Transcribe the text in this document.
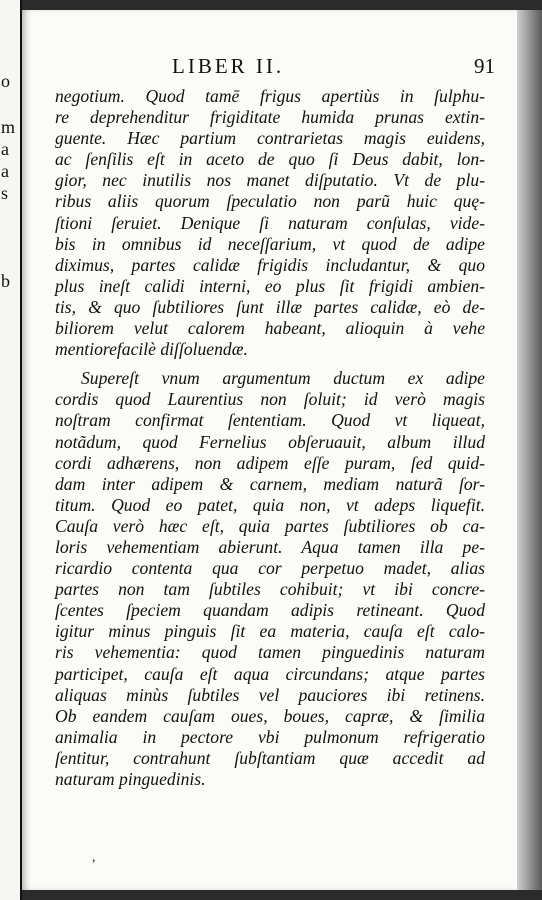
o
m
a
a
s
b
LIBER II.	91
negotium. Quod tamē frigus apertiùs in ſulphu-
re deprehenditur frigiditate humida prunas extin-
guente. Hæc partium contrarietas magis euidens,
ac ſenſilis eſt in aceto de quo ſi Deus dabit, lon-
gior, nec inutilis nos manet diſputatio. Vt de plu-
ribus aliis quorum ſpeculatio non parũ huic quę-
ſtioni ſeruiet. Denique ſi naturam conſulas, vide-
bis in omnibus id neceſſarium, vt quod de adipe
diximus, partes calidæ frigidis includantur, & quo
plus ineſt calidi interni, eo plus ſit frigidi ambien-
tis, & quo ſubtiliores ſunt illæ partes calidæ, eò de-
biliorem velut calorem habeant, alioquin à vehe
mentiorefacilè diſſoluendæ.
Supereſt vnum argumentum ductum ex adipe
cordis quod Laurentius non ſoluit; id verò magis
noſtram confirmat ſententiam. Quod vt liqueat,
notãdum, quod Fernelius obſeruauit, album illud
cordi adhærens, non adipem eſſe puram, ſed quid-
dam inter adipem & carnem, mediam naturã ſor-
titum. Quod eo patet, quia non, vt adeps liquefit.
Cauſa verò hæc eſt, quia partes ſubtiliores ob ca-
loris vehementiam abierunt. Aqua tamen illa pe-
ricardio contenta qua cor perpetuo madet, alias
partes non tam ſubtiles cohibuit; vt ibi concre-
ſcentes ſpeciem quandam adipis retineant. Quod
igitur minus pinguis ſit ea materia, cauſa eſt calo-
ris vehementia: quod tamen pinguedinis naturam
participet, cauſa eſt aqua circundans; atque partes
aliquas minùs ſubtiles vel pauciores ibi retinens.
Ob eandem cauſam oues, boues, capræ, & ſimilia
animalia in pectore vbi pulmonum refrigeratio
ſentitur, contrahunt ſubſtantiam quæ accedit ad
naturam pinguedinis.
,
